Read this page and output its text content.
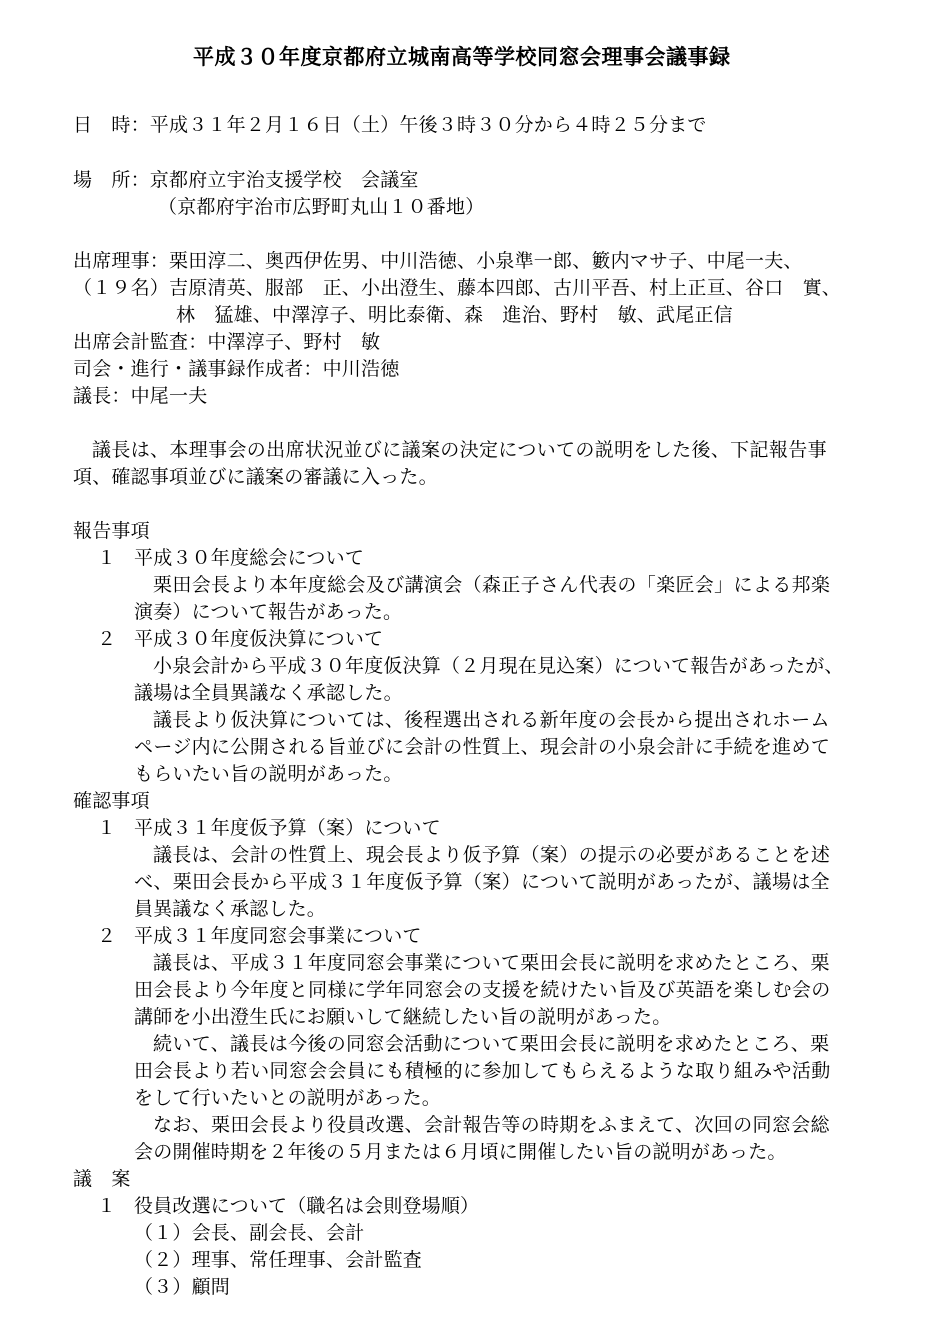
平成３０年度京都府立城南高等学校同窓会理事会議事録
日　時：平成３１年２月１６日（土）午後３時３０分から４時２５分まで
場　所：京都府立宇治支援学校　会議室
（京都府宇治市広野町丸山１０番地）
出席理事：栗田淳二、奥西伊佐男、中川浩徳、小泉準一郎、籔内マサ子、中尾一夫、
（１９名）吉原清英、服部　正、小出澄生、藤本四郎、古川平吾、村上正亘、谷口　實、
林　猛雄、中澤淳子、明比泰衛、森　進治、野村　敏、武尾正信
出席会計監査：中澤淳子、野村　敏
司会・進行・議事録作成者：中川浩徳
議長：中尾一夫
議長は、本理事会の出席状況並びに議案の決定についての説明をした後、下記報告事
項、確認事項並びに議案の審議に入った。
報告事項
１ 平成３０年度総会について
栗田会長より本年度総会及び講演会（森正子さん代表の「楽匠会」による邦楽
演奏）について報告があった。
２ 平成３０年度仮決算について
小泉会計から平成３０年度仮決算（２月現在見込案）について報告があったが、
議場は全員異議なく承認した。
議長より仮決算については、後程選出される新年度の会長から提出されホーム
ページ内に公開される旨並びに会計の性質上、現会計の小泉会計に手続を進めて
もらいたい旨の説明があった。
確認事項
１ 平成３１年度仮予算（案）について
議長は、会計の性質上、現会長より仮予算（案）の提示の必要があることを述
べ、栗田会長から平成３１年度仮予算（案）について説明があったが、議場は全
員異議なく承認した。
２ 平成３１年度同窓会事業について
議長は、平成３１年度同窓会事業について栗田会長に説明を求めたところ、栗
田会長より今年度と同様に学年同窓会の支援を続けたい旨及び英語を楽しむ会の
講師を小出澄生氏にお願いして継続したい旨の説明があった。
続いて、議長は今後の同窓会活動について栗田会長に説明を求めたところ、栗
田会長より若い同窓会会員にも積極的に参加してもらえるような取り組みや活動
をして行いたいとの説明があった。
なお、栗田会長より役員改選、会計報告等の時期をふまえて、次回の同窓会総
会の開催時期を２年後の５月または６月頃に開催したい旨の説明があった。
議　案
１ 役員改選について（職名は会則登場順）
（１）会長、副会長、会計
（２）理事、常任理事、会計監査
（３）顧問
